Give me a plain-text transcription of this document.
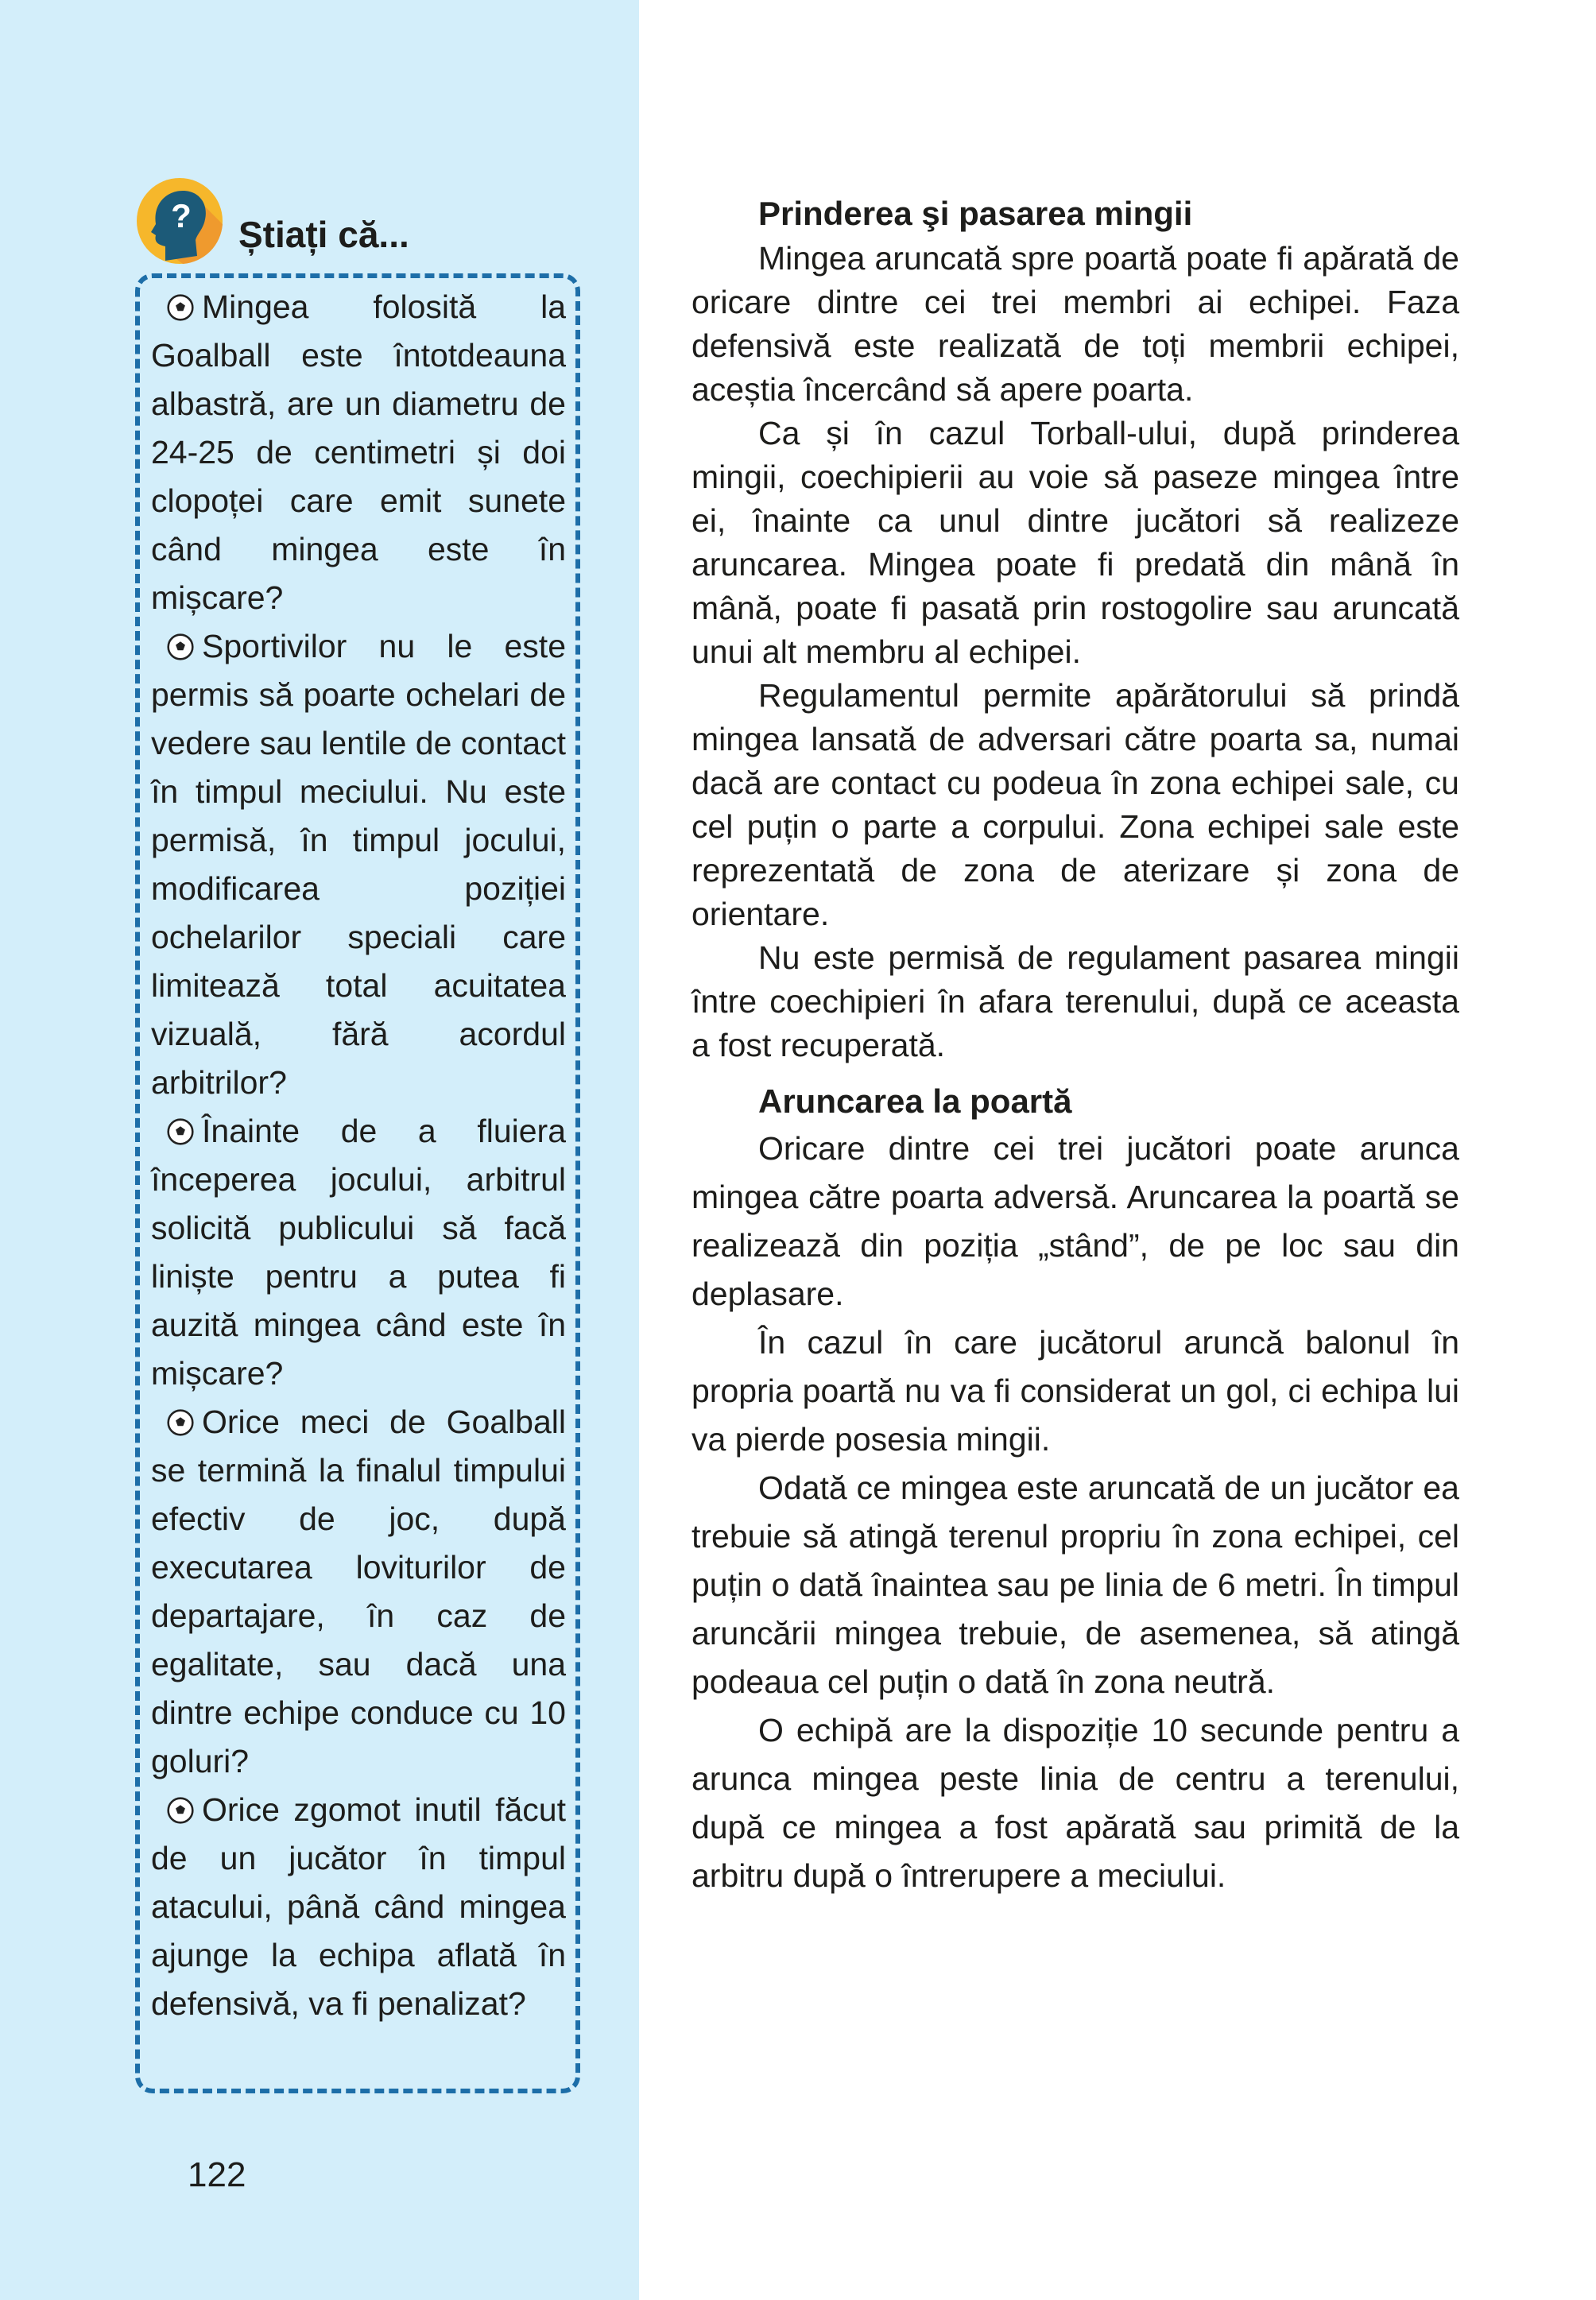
? Știați că...

Mingea folosită la Goalball este întotdeauna albastră, are un diametru de 24-25 de centimetri și doi clopoței care emit sunete când mingea este în mișcare?

Sportivilor nu le este permis să poarte ochelari de vedere sau lentile de contact în timpul meciului. Nu este permisă, în timpul jocului, modificarea poziției ochelarilor speciali care limitează total acuitatea vizuală, fără acordul arbitrilor?

Înainte de a fluiera începerea jocului, arbitrul solicită publicului să facă liniște pentru a putea fi auzită mingea când este în mișcare?

Orice meci de Goalball se termină la finalul timpului efectiv de joc, după executarea loviturilor de departajare, în caz de egalitate, sau dacă una dintre echipe conduce cu 10 goluri?

Orice zgomot inutil făcut de un jucător în timpul atacului, până când mingea ajunge la echipa aflată în defensivă, va fi penalizat?

122
Prinderea şi pasarea mingii

Mingea aruncată spre poartă poate fi apărată de oricare dintre cei trei membri ai echipei. Faza defensivă este realizată de toți membrii echipei, aceștia încercând să apere poarta.

Ca și în cazul Torball-ului, după prinderea mingii, coechipierii au voie să paseze mingea între ei, înainte ca unul dintre jucători să realizeze aruncarea. Mingea poate fi predată din mână în mână, poate fi pasată prin rostogolire sau aruncată unui alt membru al echipei.

Regulamentul permite apărătorului să prindă mingea lansată de adversari către poarta sa, numai dacă are contact cu podeua în zona echipei sale, cu cel puțin o parte a corpului. Zona echipei sale este reprezentată de zona de aterizare și zona de orientare.

Nu este permisă de regulament pasarea mingii între coechipieri în afara terenului, după ce aceasta a fost recuperată.

Aruncarea la poartă

Oricare dintre cei trei jucători poate arunca mingea către poarta adversă. Aruncarea la poartă se realizează din poziția „stând”, de pe loc sau din deplasare.

În cazul în care jucătorul aruncă balonul în propria poartă nu va fi considerat un gol, ci echipa lui va pierde posesia mingii.

Odată ce mingea este aruncată de un jucător ea trebuie să atingă terenul propriu în zona echipei, cel puțin o dată înaintea sau pe linia de 6 metri. În timpul aruncării mingea trebuie, de asemenea, să atingă podeaua cel puțin o dată în zona neutră.

O echipă are la dispoziție 10 secunde pentru a arunca mingea peste linia de centru a terenului, după ce mingea a fost apărată sau primită de la arbitru după o întrerupere a meciului.
